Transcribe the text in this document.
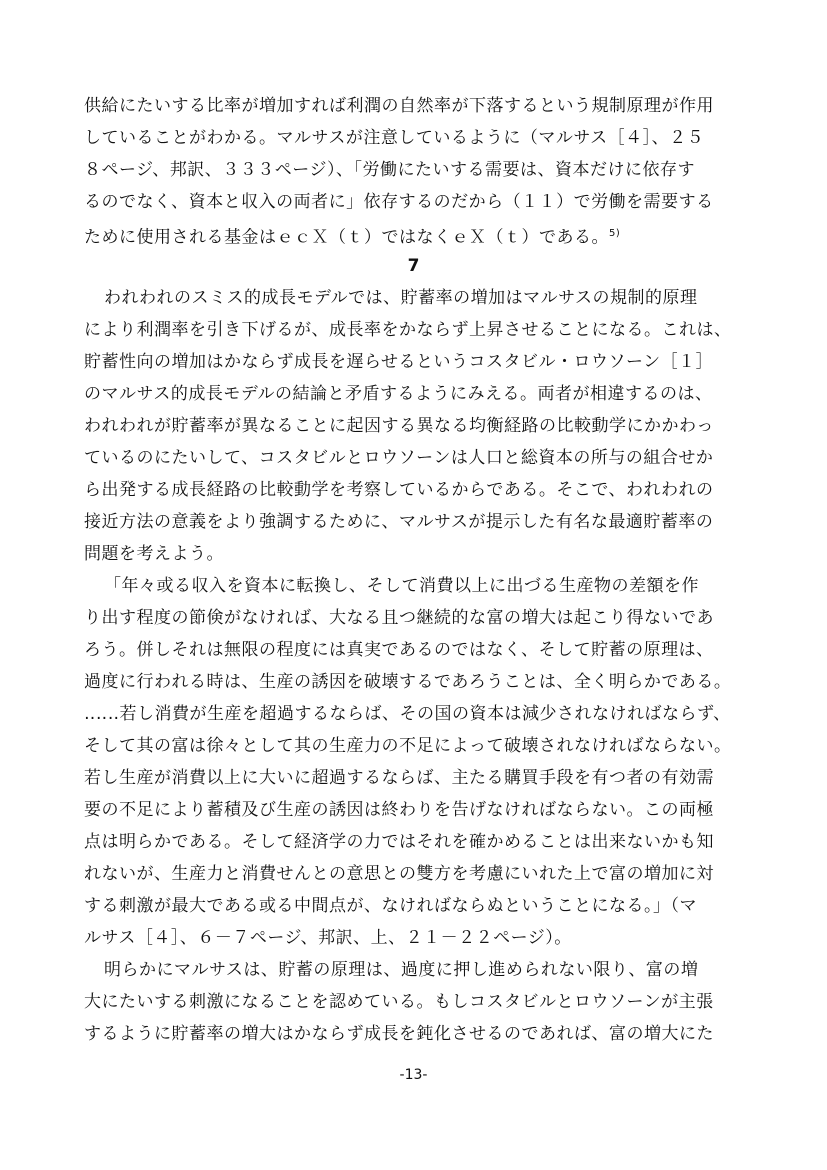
供給にたいする比率が増加すれば利潤の自然率が下落するという規制原理が作用
していることがわかる。マルサスが注意しているように（マルサス［４］、２５
８ページ、邦訳、３３３ページ）、「労働にたいする需要は、資本だけに依存す
るのでなく、資本と収入の両者に」依存するのだから（１１）で労働を需要する
ために使用される基金はｅｃＸ（ｔ）ではなくｅＸ（ｔ）である。$^{5)}$
7
われわれのスミス的成長モデルでは、貯蓄率の増加はマルサスの規制的原理
により利潤率を引き下げるが、成長率をかならず上昇させることになる。これは、
貯蓄性向の増加はかならず成長を遅らせるというコスタビル・ロウソーン［１］
のマルサス的成長モデルの結論と矛盾するようにみえる。両者が相違するのは、
われわれが貯蓄率が異なることに起因する異なる均衡経路の比較動学にかかわっ
ているのにたいして、コスタビルとロウソーンは人口と総資本の所与の組合せか
ら出発する成長経路の比較動学を考察しているからである。そこで、われわれの
接近方法の意義をより強調するために、マルサスが提示した有名な最適貯蓄率の
問題を考えよう。
「年々或る収入を資本に転換し、そして消費以上に出づる生産物の差額を作
り出す程度の節倹がなければ、大なる且つ継続的な富の増大は起こり得ないであ
ろう。併しそれは無限の程度には真実であるのではなく、そして貯蓄の原理は、
過度に行われる時は、生産の誘因を破壊するであろうことは、全く明らかである。
‥‥‥若し消費が生産を超過するならば、その国の資本は減少されなければならず、
そして其の富は徐々として其の生産力の不足によって破壊されなければならない。
若し生産が消費以上に大いに超過するならば、主たる購買手段を有つ者の有効需
要の不足により蓄積及び生産の誘因は終わりを告げなければならない。この両極
点は明らかである。そして経済学の力ではそれを確かめることは出来ないかも知
れないが、生産力と消費せんとの意思との雙方を考慮にいれた上で富の増加に対
する刺激が最大である或る中間点が、なければならぬということになる。」（マ
ルサス［４］、６－７ページ、邦訳、上、２１－２２ページ）。
明らかにマルサスは、貯蓄の原理は、過度に押し進められない限り、富の増
大にたいする刺激になることを認めている。もしコスタビルとロウソーンが主張
するように貯蓄率の増大はかならず成長を鈍化させるのであれば、富の増大にた
-13-
